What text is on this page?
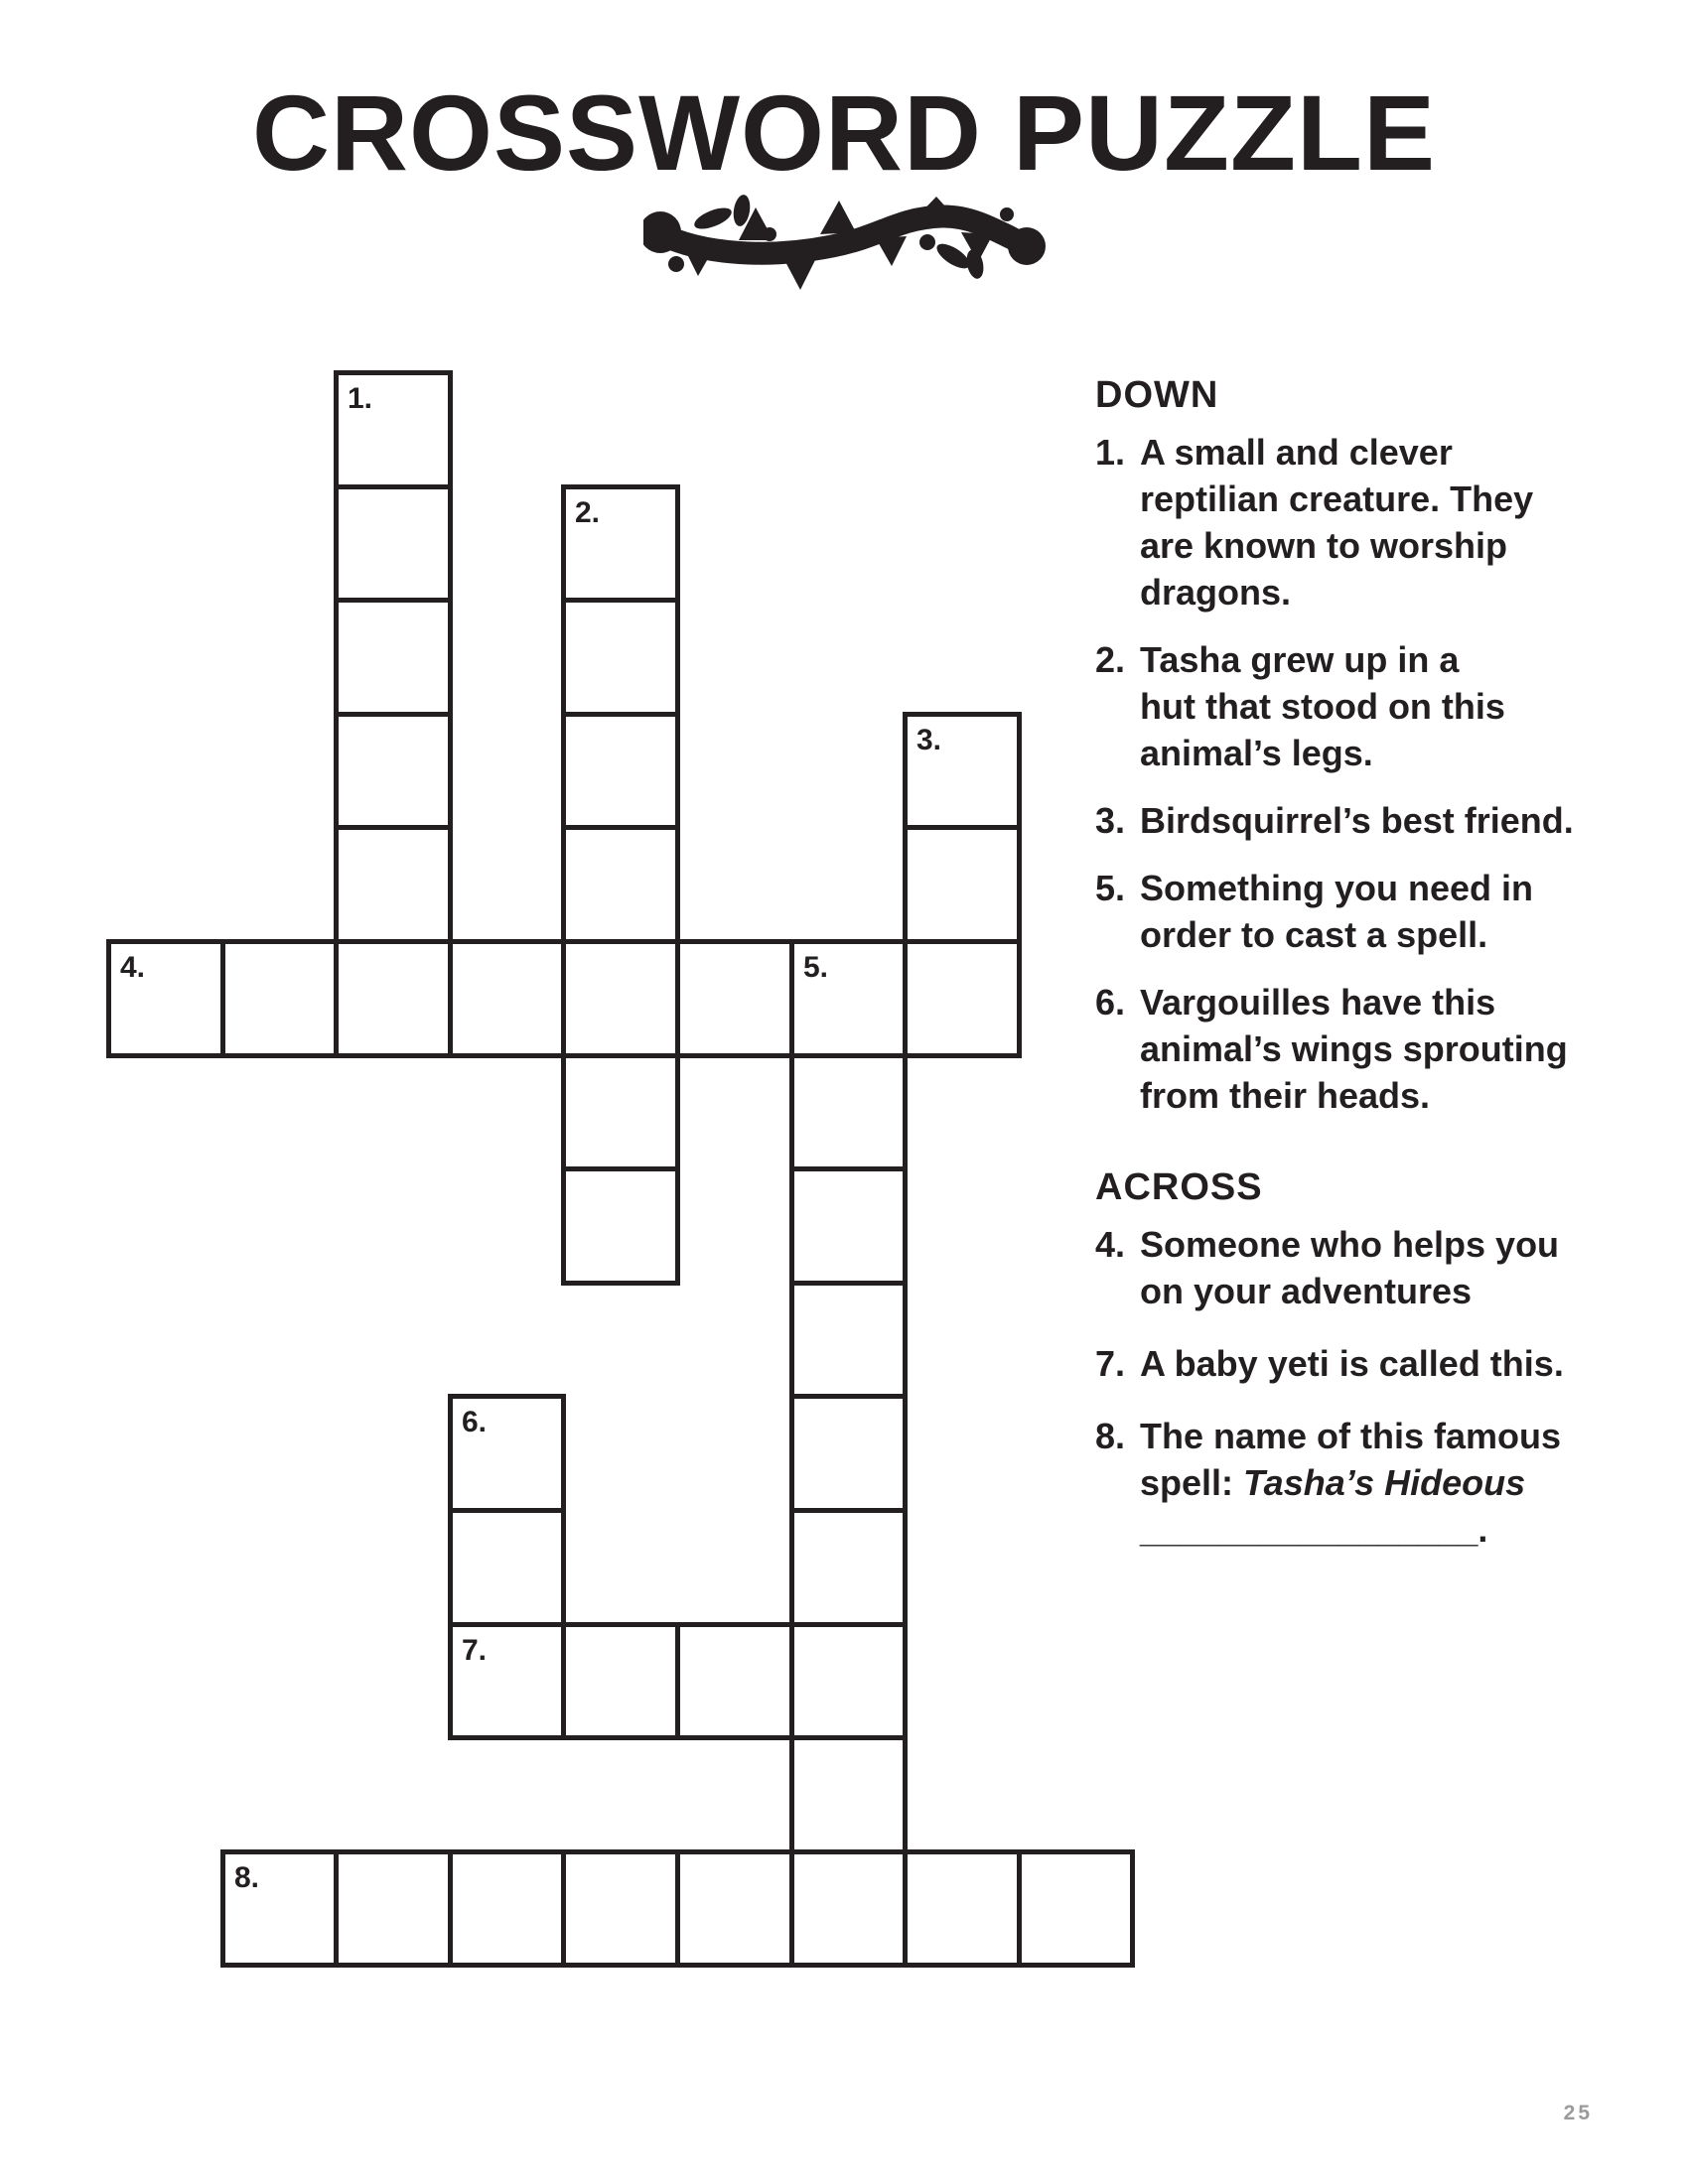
CROSSWORD PUZZLE
1.
2.
3.
4.	5.
6.
7.
8.
DOWN
1. A small and clever
reptilian creature. They
are known to worship
dragons.
2. Tasha grew up in a
hut that stood on this
animal’s legs.
3. Birdsquirrel’s best friend.
5. Something you need in
order to cast a spell.
6. Vargouilles have this
animal’s wings sprouting
from their heads.
ACROSS
4. Someone who helps you
on your adventures
7. A baby yeti is called this.
8. The name of this famous
spell: Tasha’s Hideous
_________________.
25
